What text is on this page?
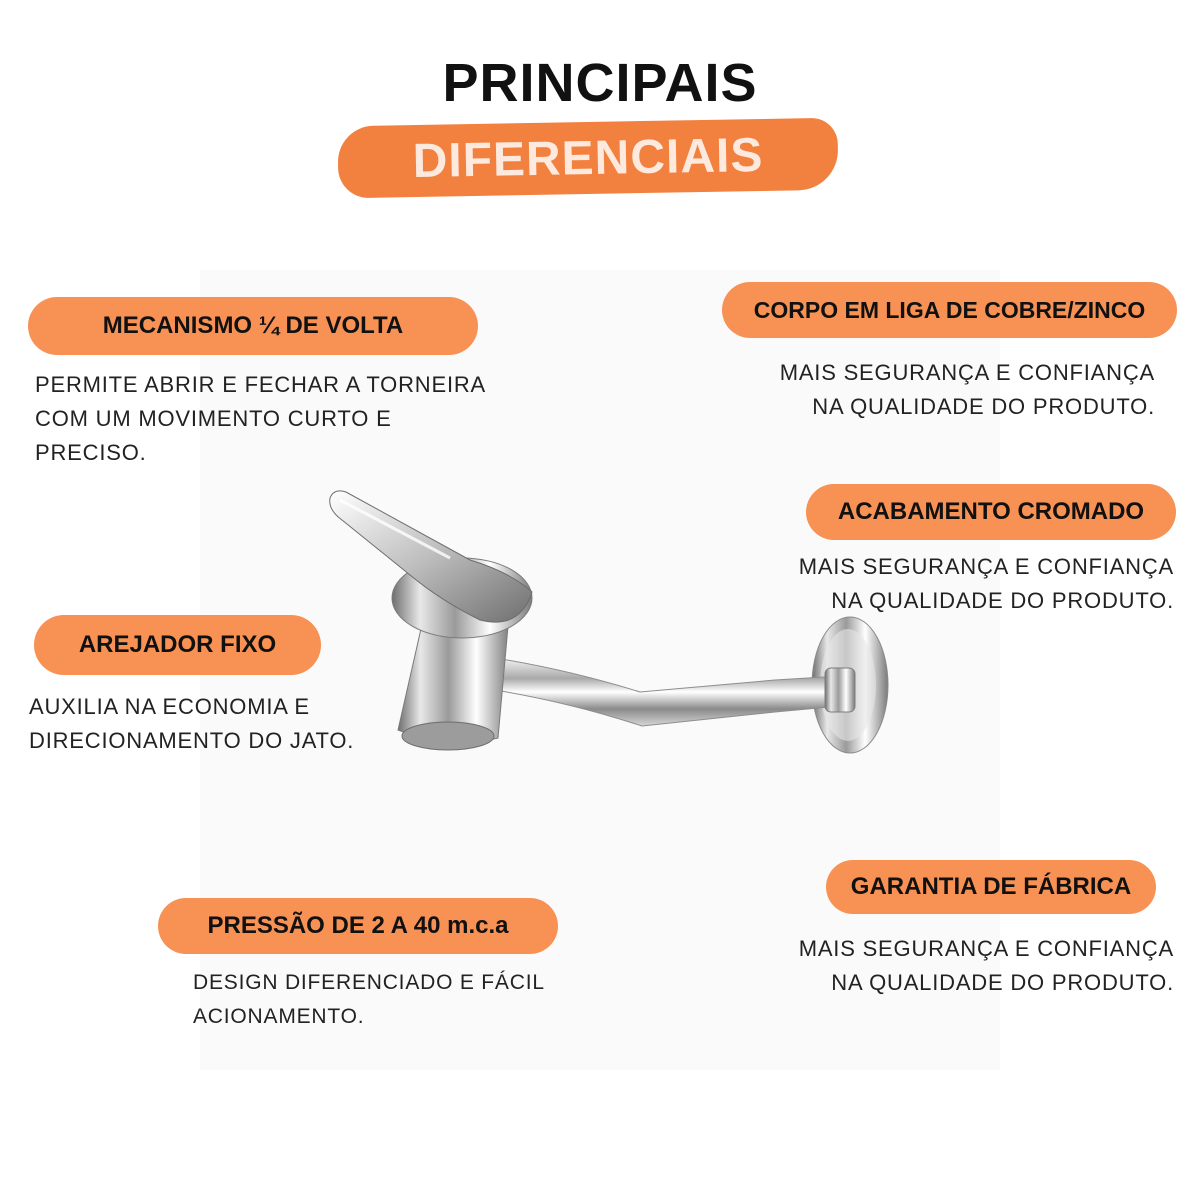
PRINCIPAIS
DIFERENCIAIS
MECANISMO ¼ DE VOLTA
PERMITE ABRIR E FECHAR A TORNEIRA
COM UM MOVIMENTO CURTO E
PRECISO.
CORPO EM LIGA DE COBRE/ZINCO
MAIS SEGURANÇA E CONFIANÇA
NA QUALIDADE DO PRODUTO.
ACABAMENTO CROMADO
MAIS SEGURANÇA E CONFIANÇA
NA QUALIDADE DO PRODUTO.
AREJADOR FIXO
AUXILIA NA ECONOMIA E
DIRECIONAMENTO DO JATO.
GARANTIA DE FÁBRICA
MAIS SEGURANÇA E CONFIANÇA
NA QUALIDADE DO PRODUTO.
PRESSÃO DE 2 A 40 m.c.a
DESIGN DIFERENCIADO E FÁCIL
ACIONAMENTO.
